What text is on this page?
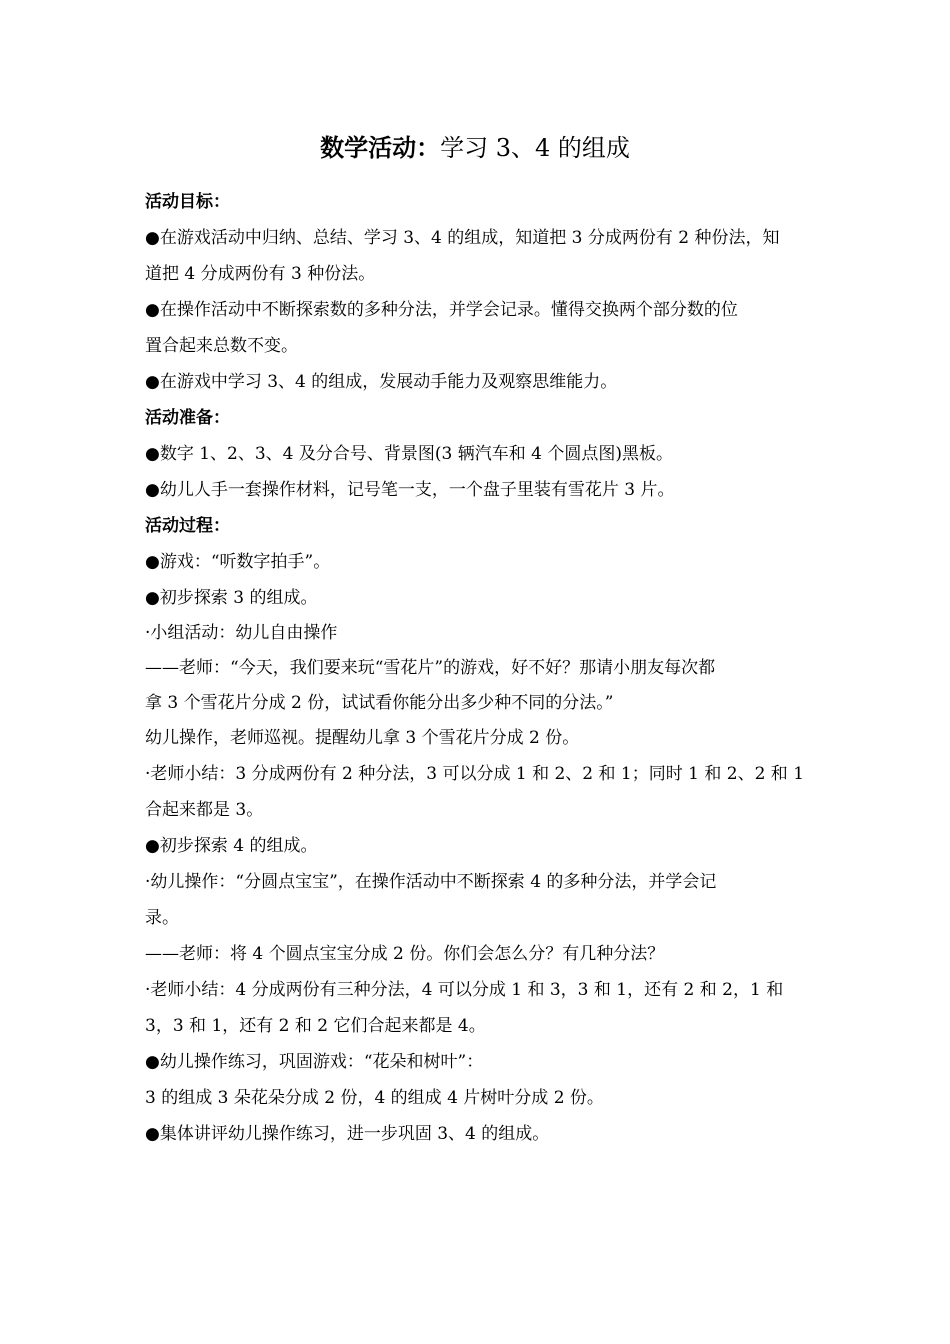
数学活动：学习 3、4 的组成
活动目标：
●在游戏活动中归纳、总结、学习 3、4 的组成，知道把 3 分成两份有 2 种份法，知
道把 4 分成两份有 3 种份法。
●在操作活动中不断探索数的多种分法，并学会记录。懂得交换两个部分数的位
置合起来总数不变。
●在游戏中学习 3、4 的组成，发展动手能力及观察思维能力。
活动准备：
●数字 1、2、3、4 及分合号、背景图(3 辆汽车和 4 个圆点图)黑板。
●幼儿人手一套操作材料，记号笔一支，一个盘子里装有雪花片 3 片。
活动过程：
●游戏：“听数字拍手”。
●初步探索 3 的组成。
·小组活动：幼儿自由操作
——老师：“今天，我们要来玩“雪花片”的游戏，好不好？那请小朋友每次都
拿 3 个雪花片分成 2 份，试试看你能分出多少种不同的分法。”
幼儿操作，老师巡视。提醒幼儿拿 3 个雪花片分成 2 份。
·老师小结：3 分成两份有 2 种分法，3 可以分成 1 和 2、2 和 1；同时 1 和 2、2 和 1
合起来都是 3。
●初步探索 4 的组成。
·幼儿操作：“分圆点宝宝”，在操作活动中不断探索 4 的多种分法，并学会记
录。
——老师：将 4 个圆点宝宝分成 2 份。你们会怎么分？有几种分法？
·老师小结：4 分成两份有三种分法，4 可以分成 1 和 3，3 和 1，还有 2 和 2，1 和
3，3 和 1，还有 2 和 2 它们合起来都是 4。
●幼儿操作练习，巩固游戏：“花朵和树叶”：
3 的组成 3 朵花朵分成 2 份，4 的组成 4 片树叶分成 2 份。
●集体讲评幼儿操作练习，进一步巩固 3、4 的组成。
